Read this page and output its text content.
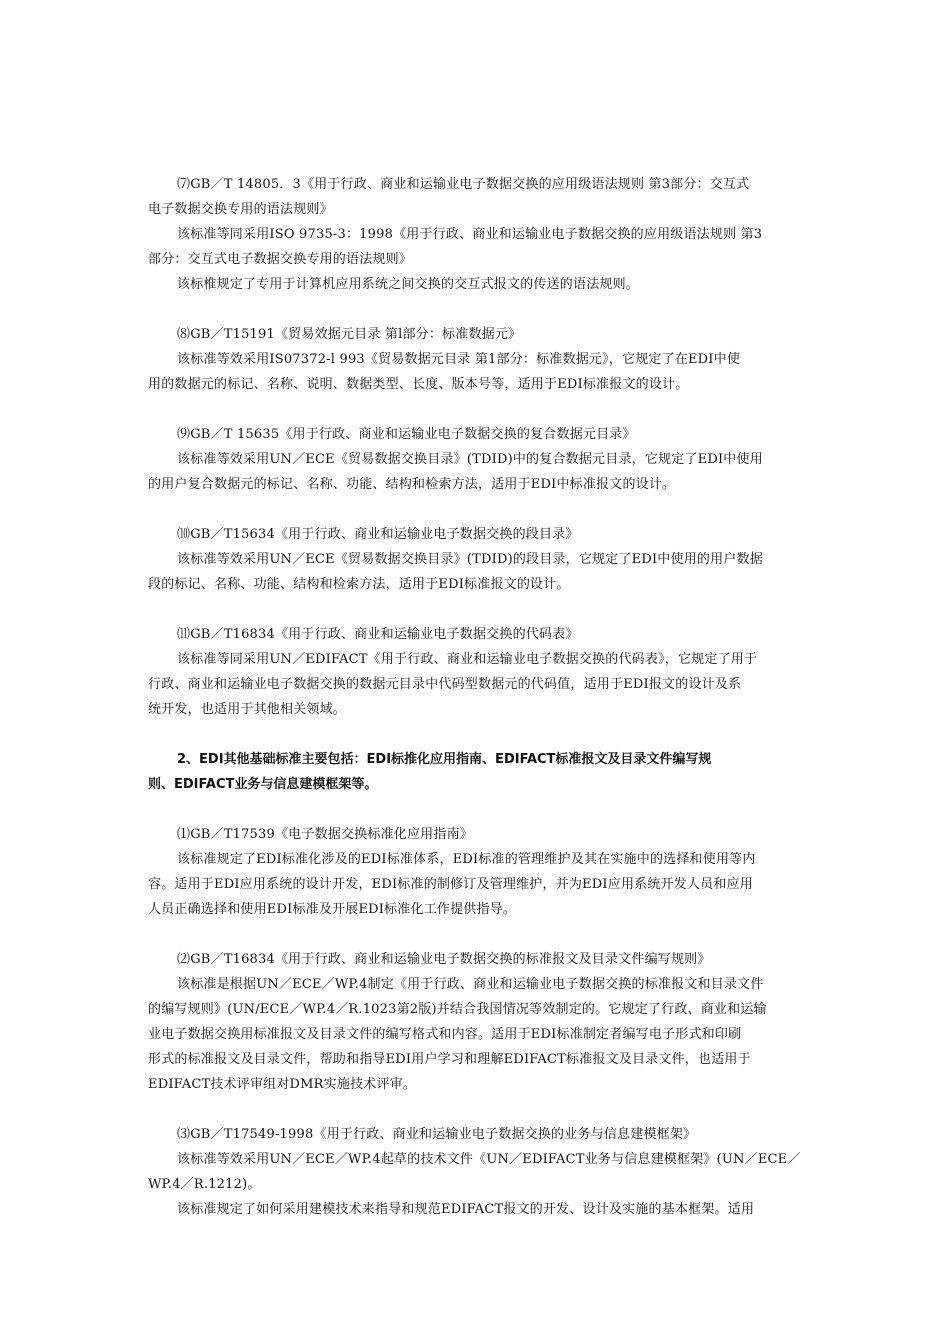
⑺GB／T 14805．3《用于行政、商业和运输业电子数据交换的应用级语法规则 第3部分：交互式
电子数据交换专用的语法规则》
该标准等同采用ISO 9735-3：1998《用于行政、商业和运输业电子数据交换的应用级语法规则 第3
部分：交互式电子数据交换专用的语法规则》
该标椎规定了专用于计算机应用系统之间交换的交互式报文的传送的语法规则。
⑻GB／T15191《贸易效据元目录 第l部分：标准数据元》
该标准等效采用IS07372-l 993《贸易数据元目录 第1部分：标准数据元》，它规定了在EDI中使
用的数据元的标记、名称、说明、数据类型、长度、版本号等，适用于EDI标准报文的设计。
⑼GB／T 15635《用于行政、商业和运输业电子数据交换的复合数据元目录》
该标准等效采用UN／ECE《贸易数据交换目录》(TDID)中的复合数据元目录，它规定了EDI中使用
的用户复合数据元的标记、名称、功能、结构和检索方法，适用于EDI中标准报文的设计。
⑽GB／T15634《用于行政、商业和运输业电子数据交换的段目录》
该标准等效采用UN／ECE《贸易数据交换目录》(TDID)的段目录，它规定了EDI中使用的用户数据
段的标记、名称、功能、结构和检索方法，适用于EDI标准报文的设计。
⑾GB／T16834《用于行政、商业和运输业电子数据交换的代码表》
该标准等同采用UN／EDIFACT《用于行政、商业和运输业电子数据交换的代码表》，它规定了用于
行政、商业和运输业电子数据交换的数据元目录中代码型数据元的代码值，适用于EDI报文的设计及系
统开发，也适用于其他相关领域。
2、EDI其他基础标准主要包括：EDI标推化应用指南、EDIFACT标准报文及目录文件编写规
则、EDIFACT业务与信息建模框架等。
⑴GB／T17539《电子数据交换标准化应用指南》
该标准规定了EDI标准化涉及的EDI标准体系，EDI标准的管理维护及其在实施中的选择和使用等内
容。适用于EDI应用系统的设计开发，EDI标准的制修订及管理维护，并为EDI应用系统开发人员和应用
人员正确选择和使用EDI标准及开展EDI标准化工作提供指导。
⑵GB／T16834《用于行政、商业和运输业电子数据交换的标准报文及目录文件编写规则》
该标准是根据UN／ECE／WP.4制定《用于行政、商业和运输业电子数据交换的标准报文和目录文件
的编写规则》(UN/ECE／WP.4／R.1023第2版)并结合我国情况等效制定的。它规定了行政、商业和运输
业电子数据交换用标准报文及目录文件的编写格式和内容。适用于EDI标准制定者编写电子形式和印刷
形式的标准报文及目录文件，帮助和指导EDI用户学习和理解EDIFACT标准报文及目录文件，也适用于
EDIFACT技术评审组对DMR实施技术评审。
⑶GB／T17549-1998《用于行政、商业和运输业电子数据交换的业务与信息建模框架》
该标准等效采用UN／ECE／WP.4起草的技术文件《UN／EDIFACT业务与信息建模框架》(UN／ECE／
WP.4／R.1212)。
该标准规定了如何采用建模技术来指导和规范EDIFACT报文的开发、设计及实施的基本框架。适用
